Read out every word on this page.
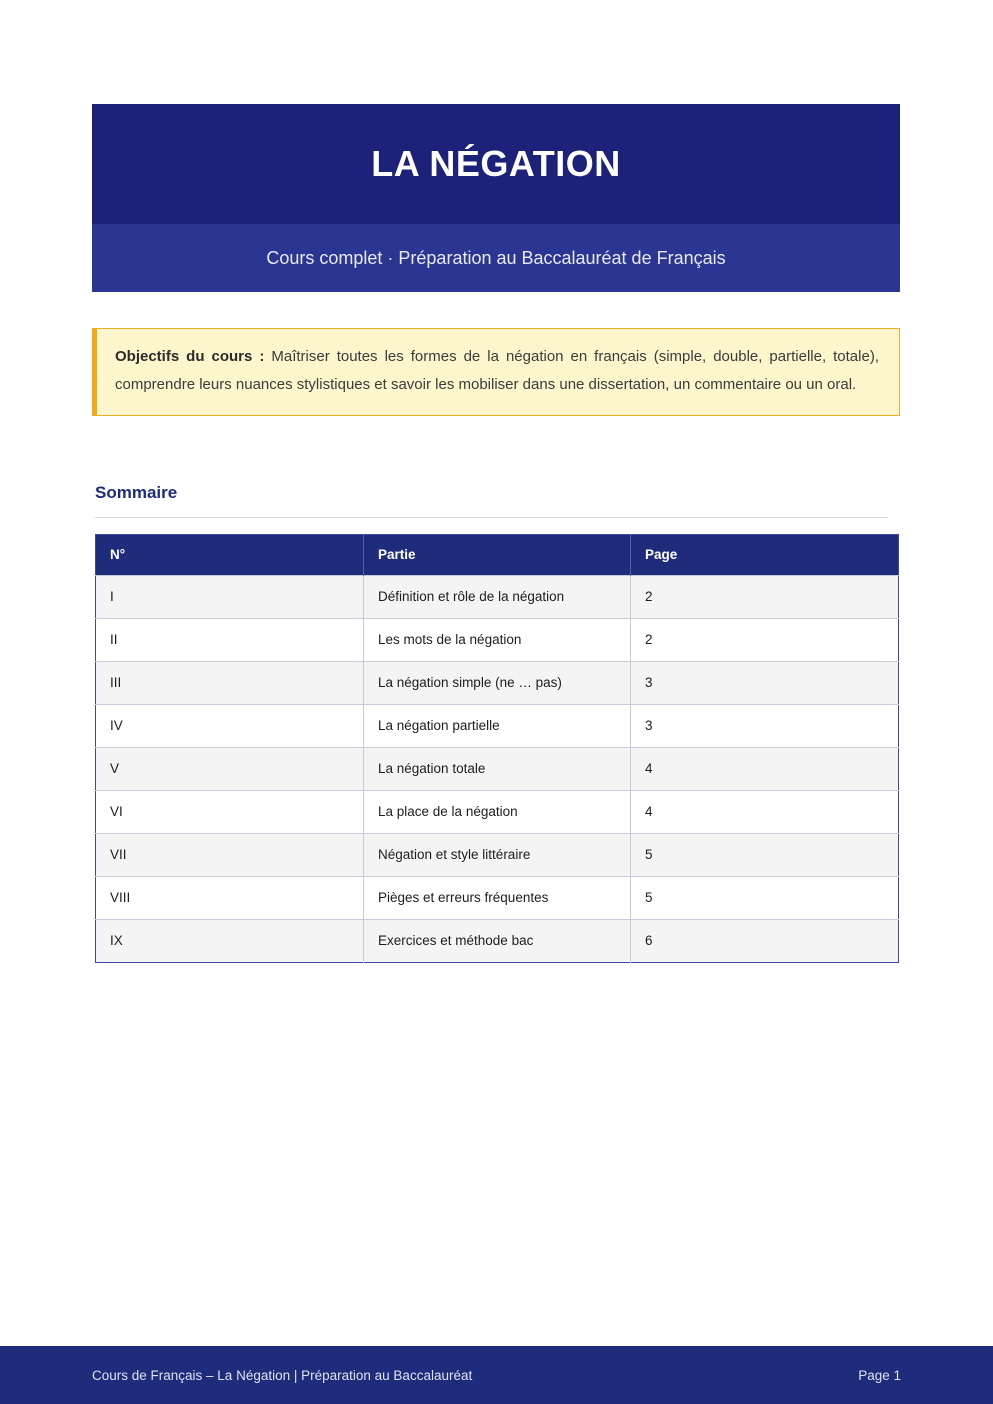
LA NÉGATION

Cours complet · Préparation au Baccalauréat de Français

Objectifs du cours : Maîtriser toutes les formes de la négation en français (simple, double, partielle, totale), comprendre leurs nuances stylistiques et savoir les mobiliser dans une dissertation, un commentaire ou un oral.

Sommaire
N°	Partie	Page
I	Définition et rôle de la négation	2
II	Les mots de la négation	2
III	La négation simple (ne … pas)	3
IV	La négation partielle	3
V	La négation totale	4
VI	La place de la négation	4
VII	Négation et style littéraire	5
VIII	Pièges et erreurs fréquentes	5
IX	Exercices et méthode bac	6
Cours de Français – La Négation | Préparation au Baccalauréat	Page 1
